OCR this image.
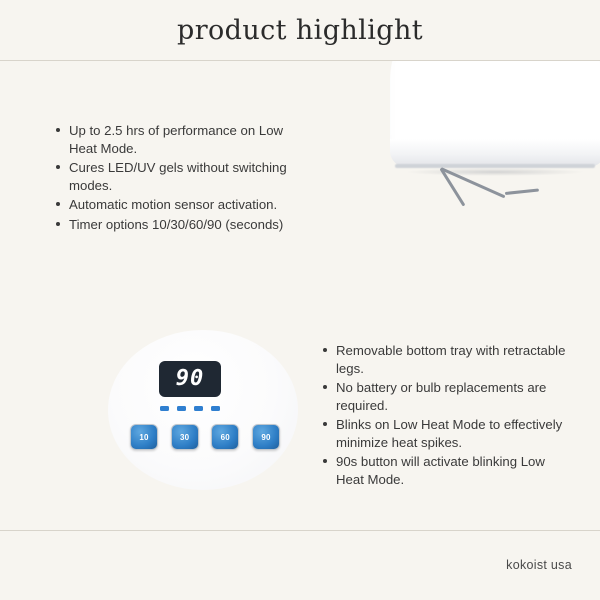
product highlight
Up to 2.5 hrs of performance on Low Heat Mode.
Cures LED/UV gels without switching modes.
Automatic motion sensor activation.
Timer options 10/30/60/90 (seconds)
90
10	30	60	90
Removable bottom tray with retractable legs.
No battery or bulb replacements are required.
Blinks on Low Heat Mode to effectively minimize heat spikes.
90s button will activate blinking Low Heat Mode.
kokoist usa
